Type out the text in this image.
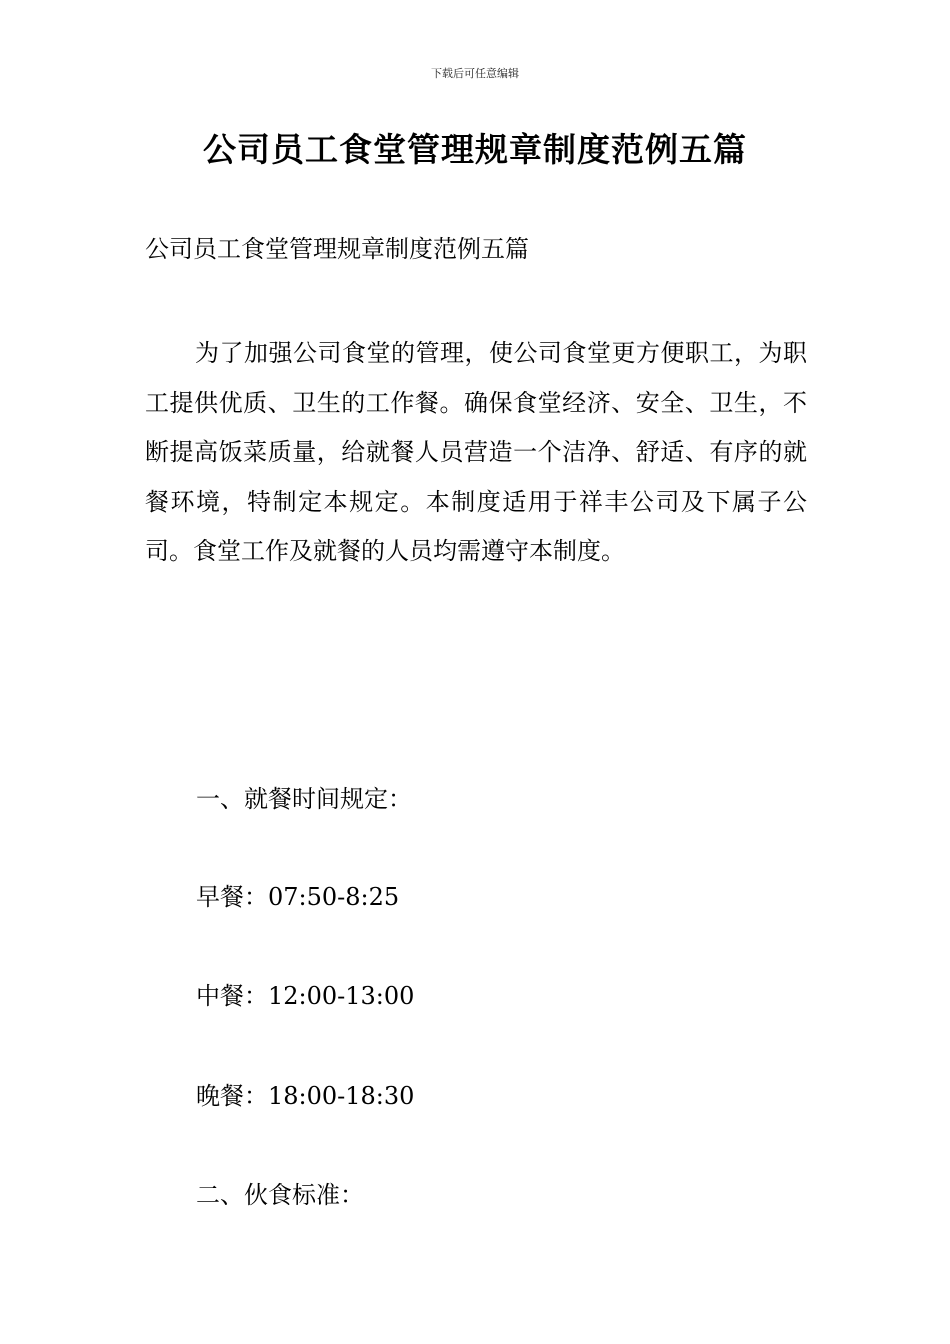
下载后可任意编辑
公司员工食堂管理规章制度范例五篇
公司员工食堂管理规章制度范例五篇

为了加强公司食堂的管理，使公司食堂更方便职工，为职工提供优质、卫生的工作餐。确保食堂经济、安全、卫生，不断提高饭菜质量，给就餐人员营造一个洁净、舒适、有序的就餐环境，特制定本规定。本制度适用于祥丰公司及下属子公司。食堂工作及就餐的人员均需遵守本制度。

一、就餐时间规定：
早餐：07:50-8:25
中餐：12:00-13:00
晚餐：18:00-18:30
二、伙食标准：
